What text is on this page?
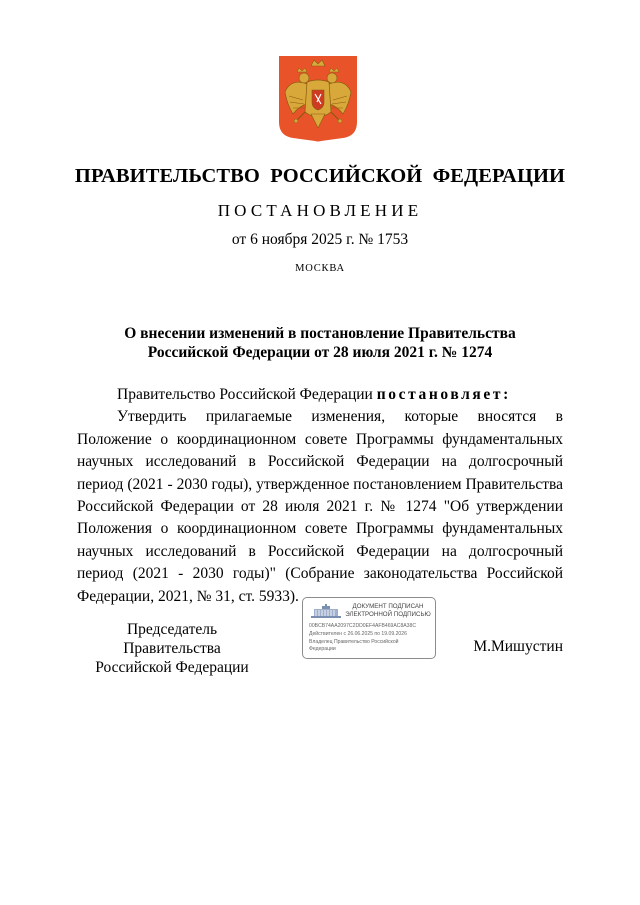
ПРАВИТЕЛЬСТВО РОССИЙСКОЙ ФЕДЕРАЦИИ
ПОСТАНОВЛЕНИЕ
от 6 ноября 2025 г. № 1753
МОСКВА
О внесении изменений в постановление Правительства
Российской Федерации от 28 июля 2021 г. № 1274

Правительство Российской Федерации постановляет:

Утвердить прилагаемые изменения, которые вносятся в Положение о координационном совете Программы фундаментальных научных исследований в Российской Федерации на долгосрочный период (2021 - 2030 годы), утвержденное постановлением Правительства Российской Федерации от 28 июля 2021 г. № 1274 "Об утверждении Положения о координационном совете Программы фундаментальных научных исследований в Российской Федерации на долгосрочный период (2021 - 2030 годы)" (Собрание законодательства Российской Федерации, 2021, № 31, ст. 5933).

Председатель Правительства
Российской Федерации
ДОКУМЕНТ ПОДПИСАН
ЭЛЕКТРОННОЙ ПОДПИСЬЮ
00BCB74AA2097C2DD0EF4AFB469AC8A38C
Действителен с 26.06.2025 по 19.09.2026
Владелец Правительство Российской
Федерации	М.Мишустин
